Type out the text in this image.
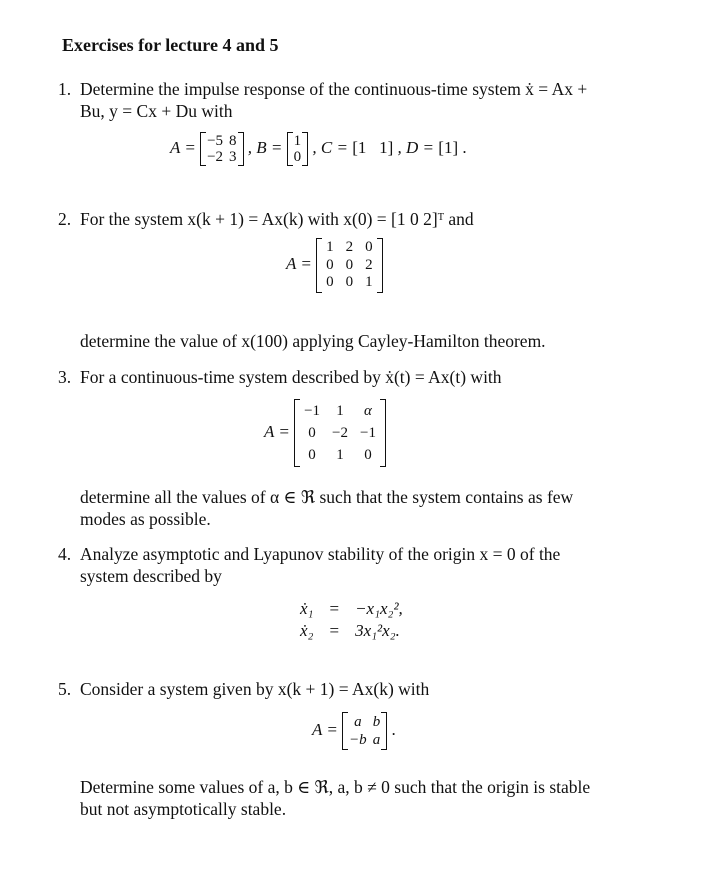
Exercises for lecture 4 and 5
1. Determine the impulse response of the continuous-time system ẋ = Ax +
Bu, y = Cx + Du with
A = −5 8
−2 3
, B = 1
0
, C = [1   1] , D = [1] .
2. For the system x(k + 1) = Ax(k) with x(0) = [1 0 2]ᵀ and
A =
1 2 0
0 0 2
0 0 1
determine the value of x(100) applying Cayley-Hamilton theorem.
3. For a continuous-time system described by ẋ(t) = Ax(t) with
A =
−1	1	α
0	−2 −1
0	1	0
determine all the values of α ∈ ℜ such that the system contains as few
modes as possible.
4. Analyze asymptotic and Lyapunov stability of the origin x = 0 of the
system described by
ẋ₁	=	−x₁x₂²,
ẋ₂	=	3x₁²x₂.
5. Consider a system given by x(k + 1) = Ax(k) with
A =	a b
−b a
.
Determine some values of a, b ∈ ℜ, a, b ≠ 0 such that the origin is stable
but not asymptotically stable.
